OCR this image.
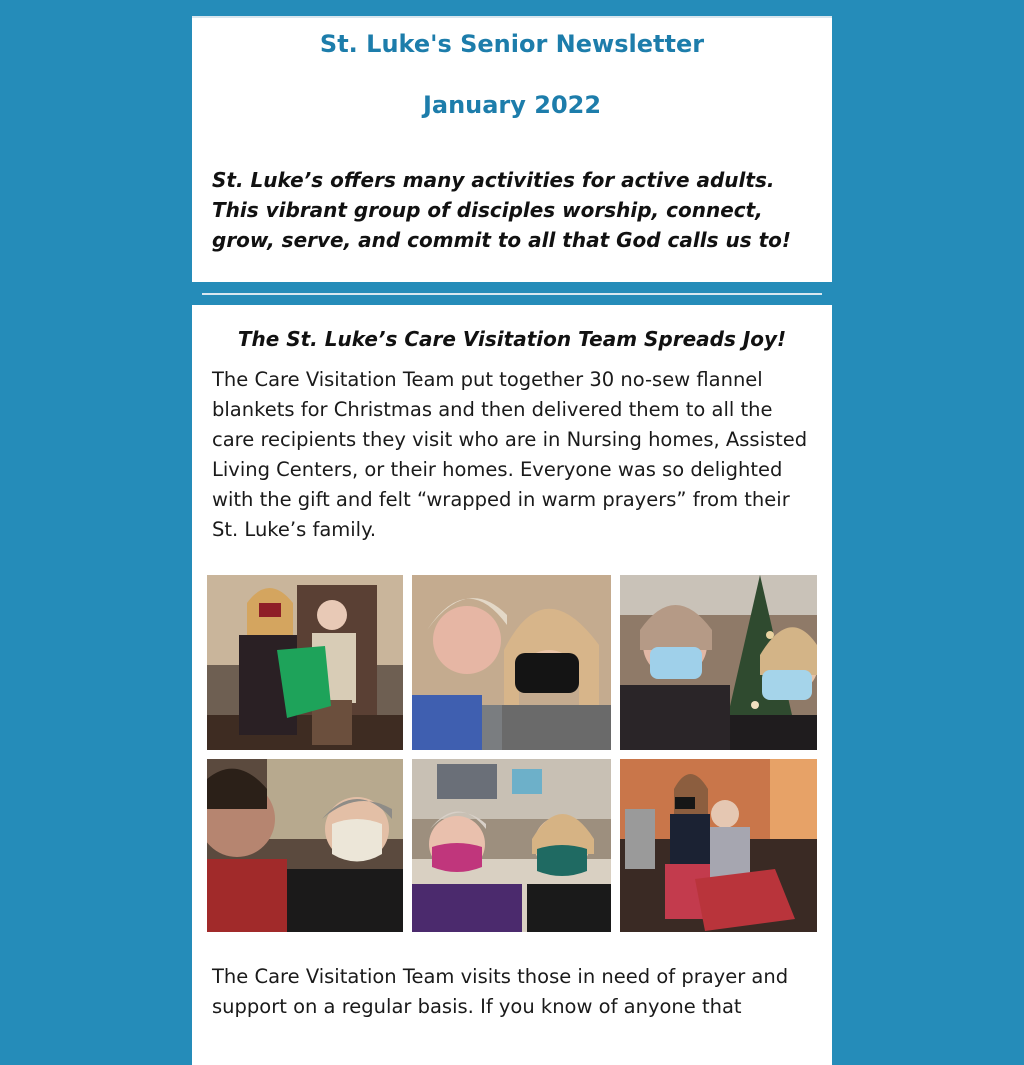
St. Luke's Senior Newsletter
January 2022

St. Luke’s offers many activities for active adults. This vibrant group of disciples worship, connect, grow, serve, and commit to all that God calls us to!

The St. Luke’s Care Visitation Team Spreads Joy!

The Care Visitation Team put together 30 no-sew flannel blankets for Christmas and then delivered them to all the care recipients they visit who are in Nursing homes, Assisted Living Centers, or their homes. Everyone was so delighted with the gift and felt “wrapped in warm prayers” from their St. Luke’s family.

The Care Visitation Team visits those in need of prayer and support on a regular basis. If you know of anyone that
